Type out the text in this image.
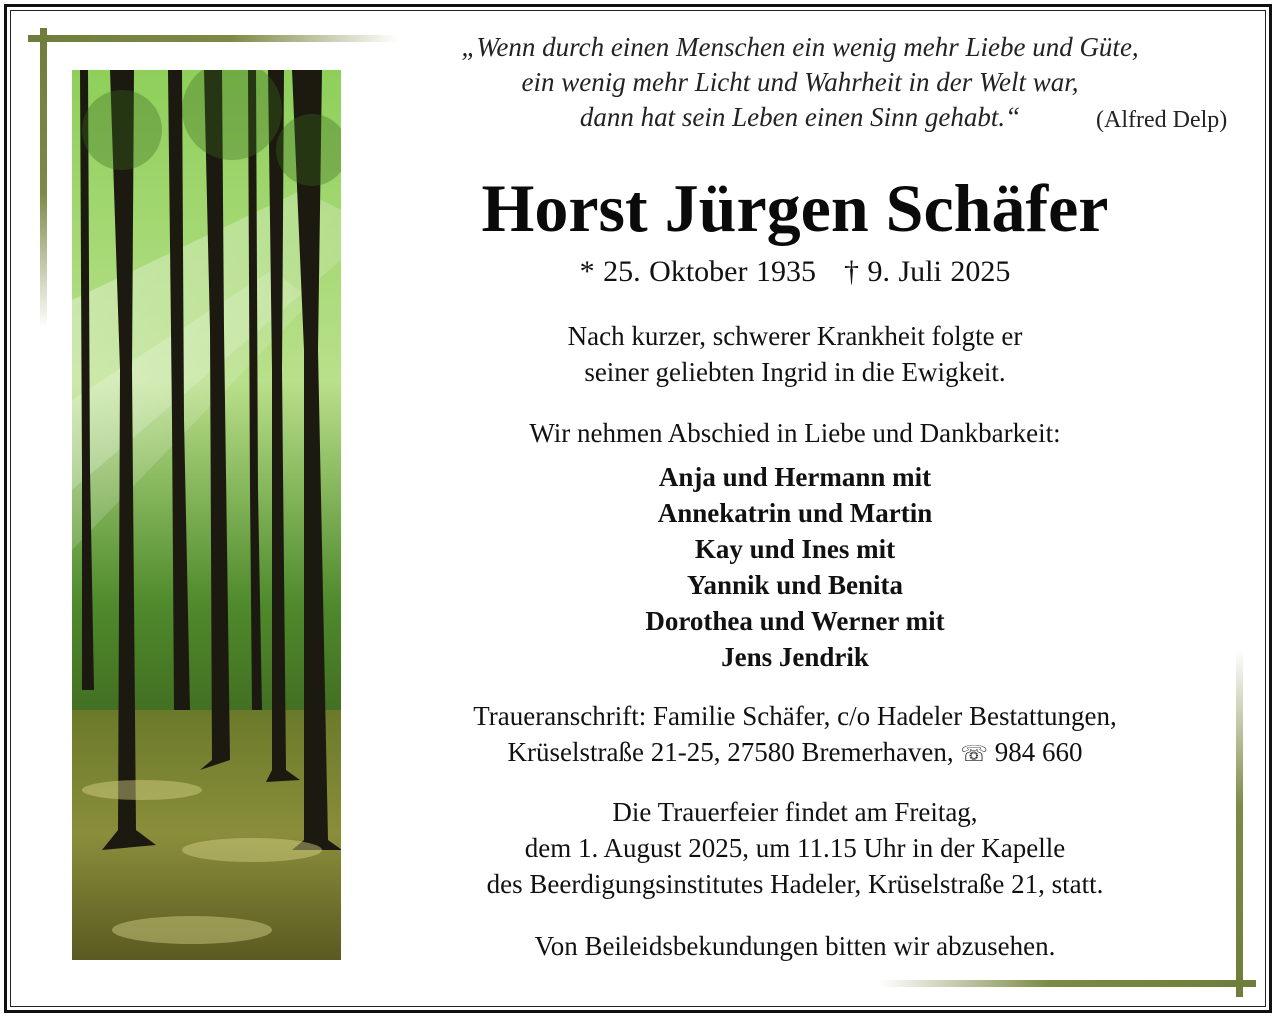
„Wenn durch einen Menschen ein wenig mehr Liebe und Güte,
ein wenig mehr Licht und Wahrheit in der Welt war,
dann hat sein Leben einen Sinn gehabt.“	(Alfred Delp)
Horst Jürgen Schäfer
* 25. Oktober 1935 † 9. Juli 2025
Nach kurzer, schwerer Krankheit folgte er
seiner geliebten Ingrid in die Ewigkeit.
Wir nehmen Abschied in Liebe und Dankbarkeit:
Anja und Hermann mit
Annekatrin und Martin
Kay und Ines mit
Yannik und Benita
Dorothea und Werner mit
Jens Jendrik
Traueranschrift: Familie Schäfer, c/o Hadeler Bestattungen,
Krüselstraße 21-25, 27580 Bremerhaven, ☏ 984 660
Die Trauerfeier findet am Freitag,
dem 1. August 2025, um 11.15 Uhr in der Kapelle
des Beerdigungsinstitutes Hadeler, Krüselstraße 21, statt.
Von Beileidsbekundungen bitten wir abzusehen.
